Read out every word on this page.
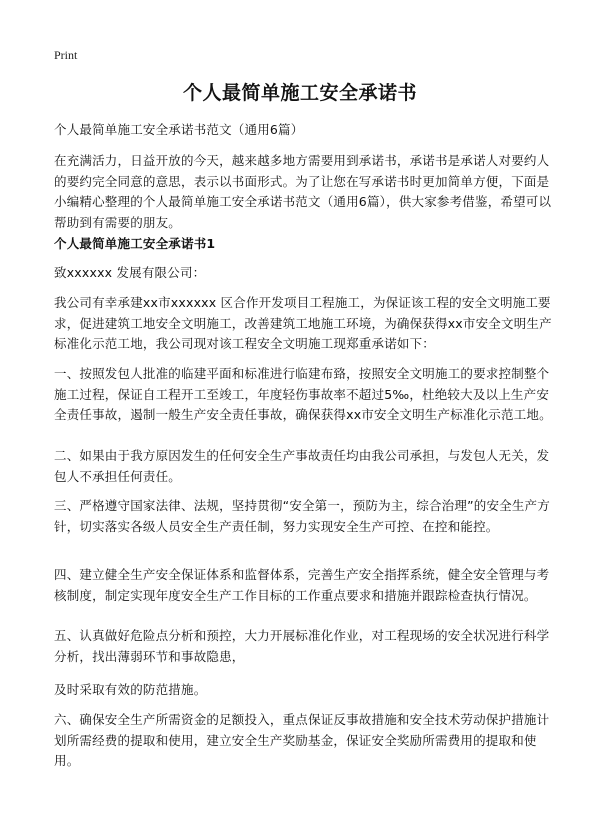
Print
个人最简单施工安全承诺书
个人最简单施工安全承诺书范文（通用6篇）
在充满活力，日益开放的今天，越来越多地方需要用到承诺书，承诺书是承诺人对要约人的要约完全同意的意思，表示以书面形式。为了让您在写承诺书时更加简单方便，下面是小编精心整理的个人最简单施工安全承诺书范文（通用6篇），供大家参考借鉴，希望可以帮助到有需要的朋友。
个人最简单施工安全承诺书1
致xxxxxx 发展有限公司：
我公司有幸承建xx市xxxxxx 区合作开发项目工程施工，为保证该工程的安全文明施工要求，促进建筑工地安全文明施工，改善建筑工地施工环境，为确保获得xx市安全文明生产标准化示范工地，我公司现对该工程安全文明施工现郑重承诺如下：
一、按照发包人批准的临建平面和标准进行临建布臵，按照安全文明施工的要求控制整个施工过程，保证自工程开工至竣工，年度轻伤事故率不超过5‰，杜绝较大及以上生产安全责任事故，遏制一般生产安全责任事故，确保获得xx市安全文明生产标准化示范工地。
二、如果由于我方原因发生的任何安全生产事故责任均由我公司承担，与发包人无关，发包人不承担任何责任。
三、严格遵守国家法律、法规，坚持贯彻“安全第一，预防为主，综合治理”的安全生产方针，切实落实各级人员安全生产责任制，努力实现安全生产可控、在控和能控。
四、建立健全生产安全保证体系和监督体系，完善生产安全指挥系统，健全安全管理与考核制度，制定实现年度安全生产工作目标的工作重点要求和措施并跟踪检查执行情况。
五、认真做好危险点分析和预控，大力开展标准化作业，对工程现场的安全状况进行科学分析，找出薄弱环节和事故隐患，
及时采取有效的防范措施。
六、确保安全生产所需资金的足额投入，重点保证反事故措施和安全技术劳动保护措施计划所需经费的提取和使用，建立安全生产奖励基金，保证安全奖励所需费用的提取和使用。
